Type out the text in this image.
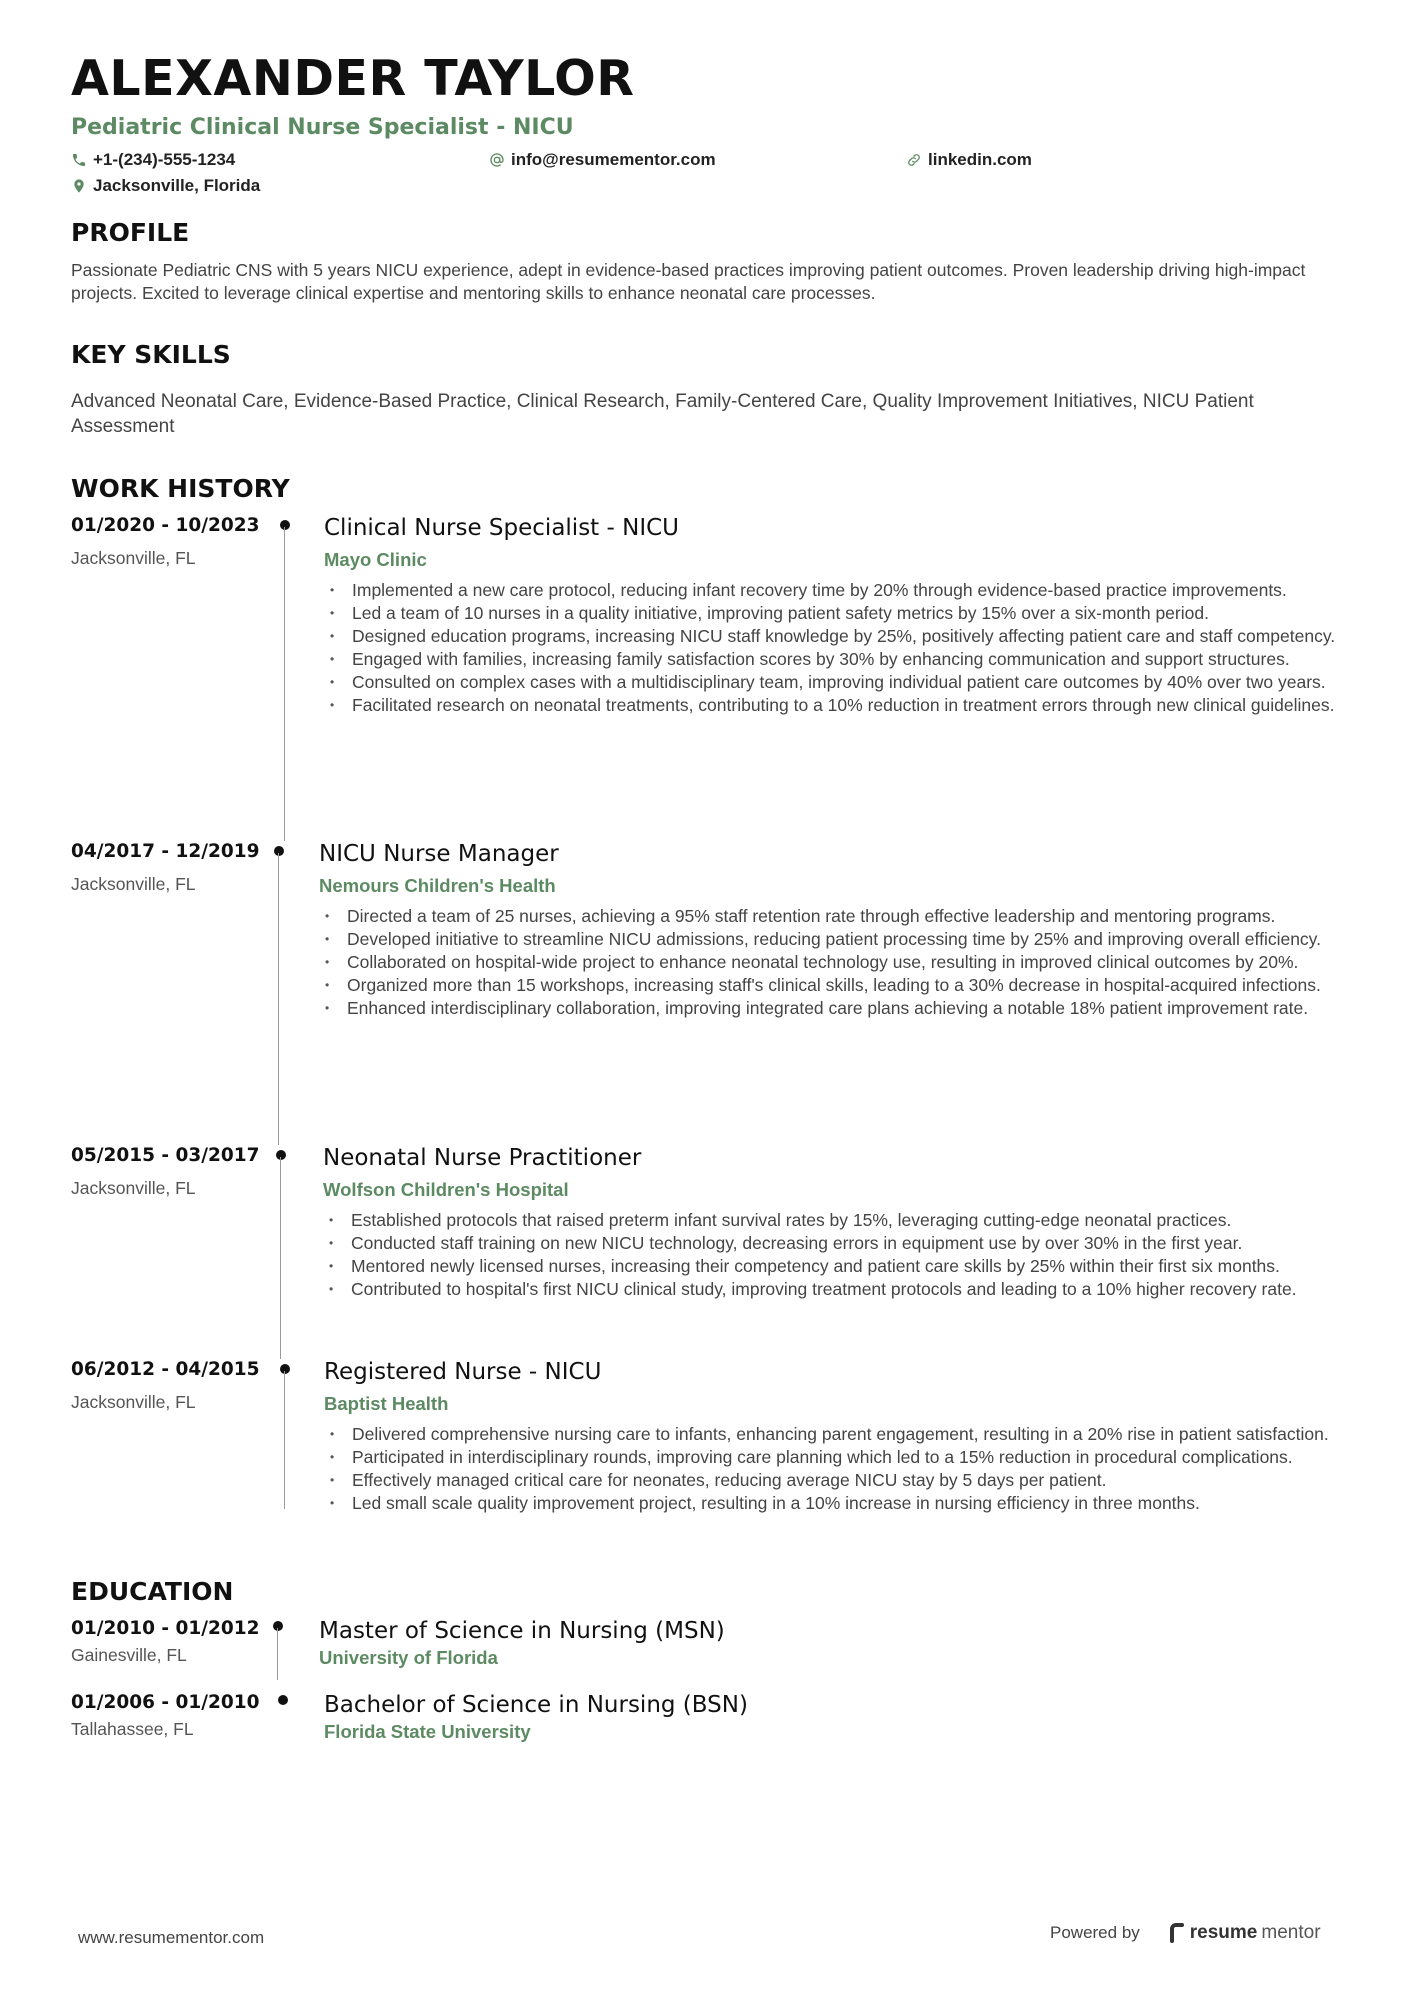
ALEXANDER TAYLOR
Pediatric Clinical Nurse Specialist - NICU
+1-(234)-555-1234	info@resumementor.com	linkedin.com
Jacksonville, Florida
PROFILE
Passionate Pediatric CNS with 5 years NICU experience, adept in evidence-based practices improving patient outcomes. Proven leadership driving high-impact projects. Excited to leverage clinical expertise and mentoring skills to enhance neonatal care processes.
KEY SKILLS
Advanced Neonatal Care, Evidence-Based Practice, Clinical Research, Family-Centered Care, Quality Improvement Initiatives, NICU Patient Assessment
WORK HISTORY
01/2020 - 10/2023
Jacksonville, FL
Clinical Nurse Specialist - NICU
Mayo Clinic
• Implemented a new care protocol, reducing infant recovery time by 20% through evidence-based practice improvements.
• Led a team of 10 nurses in a quality initiative, improving patient safety metrics by 15% over a six-month period.
• Designed education programs, increasing NICU staff knowledge by 25%, positively affecting patient care and staff competency.
• Engaged with families, increasing family satisfaction scores by 30% by enhancing communication and support structures.
• Consulted on complex cases with a multidisciplinary team, improving individual patient care outcomes by 40% over two years.
• Facilitated research on neonatal treatments, contributing to a 10% reduction in treatment errors through new clinical guidelines.
04/2017 - 12/2019
Jacksonville, FL
NICU Nurse Manager
Nemours Children's Health
• Directed a team of 25 nurses, achieving a 95% staff retention rate through effective leadership and mentoring programs.
• Developed initiative to streamline NICU admissions, reducing patient processing time by 25% and improving overall efficiency.
• Collaborated on hospital-wide project to enhance neonatal technology use, resulting in improved clinical outcomes by 20%.
• Organized more than 15 workshops, increasing staff's clinical skills, leading to a 30% decrease in hospital-acquired infections.
• Enhanced interdisciplinary collaboration, improving integrated care plans achieving a notable 18% patient improvement rate.
05/2015 - 03/2017
Jacksonville, FL
Neonatal Nurse Practitioner
Wolfson Children's Hospital
• Established protocols that raised preterm infant survival rates by 15%, leveraging cutting-edge neonatal practices.
• Conducted staff training on new NICU technology, decreasing errors in equipment use by over 30% in the first year.
• Mentored newly licensed nurses, increasing their competency and patient care skills by 25% within their first six months.
• Contributed to hospital's first NICU clinical study, improving treatment protocols and leading to a 10% higher recovery rate.
06/2012 - 04/2015
Jacksonville, FL
Registered Nurse - NICU
Baptist Health
• Delivered comprehensive nursing care to infants, enhancing parent engagement, resulting in a 20% rise in patient satisfaction.
• Participated in interdisciplinary rounds, improving care planning which led to a 15% reduction in procedural complications.
• Effectively managed critical care for neonates, reducing average NICU stay by 5 days per patient.
• Led small scale quality improvement project, resulting in a 10% increase in nursing efficiency in three months.
EDUCATION
01/2010 - 01/2012
Gainesville, FL
Master of Science in Nursing (MSN)
University of Florida
01/2006 - 01/2010
Tallahassee, FL
Bachelor of Science in Nursing (BSN)
Florida State University
www.resumementor.com	Powered by	resume mentor
